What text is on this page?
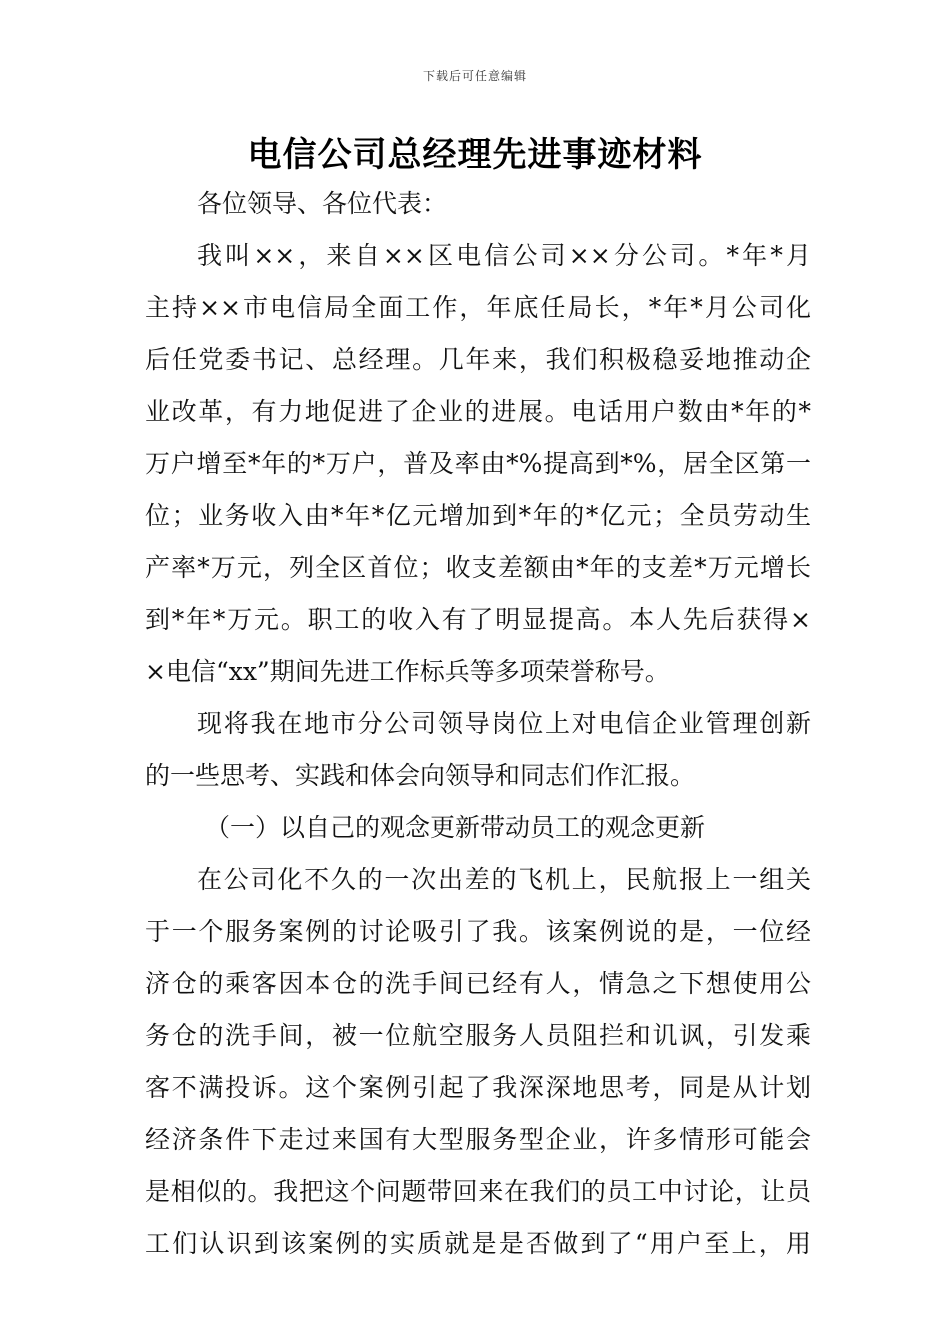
下载后可任意编辑
电信公司总经理先进事迹材料
各位领导、各位代表：
我叫××，来自××区电信公司××分公司。*年*月
主持××市电信局全面工作，年底任局长，*年*月公司化
后任党委书记、总经理。几年来，我们积极稳妥地推动企
业改革，有力地促进了企业的进展。电话用户数由*年的*
万户增至*年的*万户，普及率由*%提高到*%，居全区第一
位；业务收入由*年*亿元增加到*年的*亿元；全员劳动生
产率*万元，列全区首位；收支差额由*年的支差*万元增长
到*年*万元。职工的收入有了明显提高。本人先后获得×
×电信“xx”期间先进工作标兵等多项荣誉称号。
现将我在地市分公司领导岗位上对电信企业管理创新
的一些思考、实践和体会向领导和同志们作汇报。
（一）以自己的观念更新带动员工的观念更新
在公司化不久的一次出差的飞机上，民航报上一组关
于一个服务案例的讨论吸引了我。该案例说的是，一位经
济仓的乘客因本仓的洗手间已经有人，情急之下想使用公
务仓的洗手间，被一位航空服务人员阻拦和讥讽，引发乘
客不满投诉。这个案例引起了我深深地思考，同是从计划
经济条件下走过来国有大型服务型企业，许多情形可能会
是相似的。我把这个问题带回来在我们的员工中讨论，让员
工们认识到该案例的实质就是是否做到了“用户至上，用
